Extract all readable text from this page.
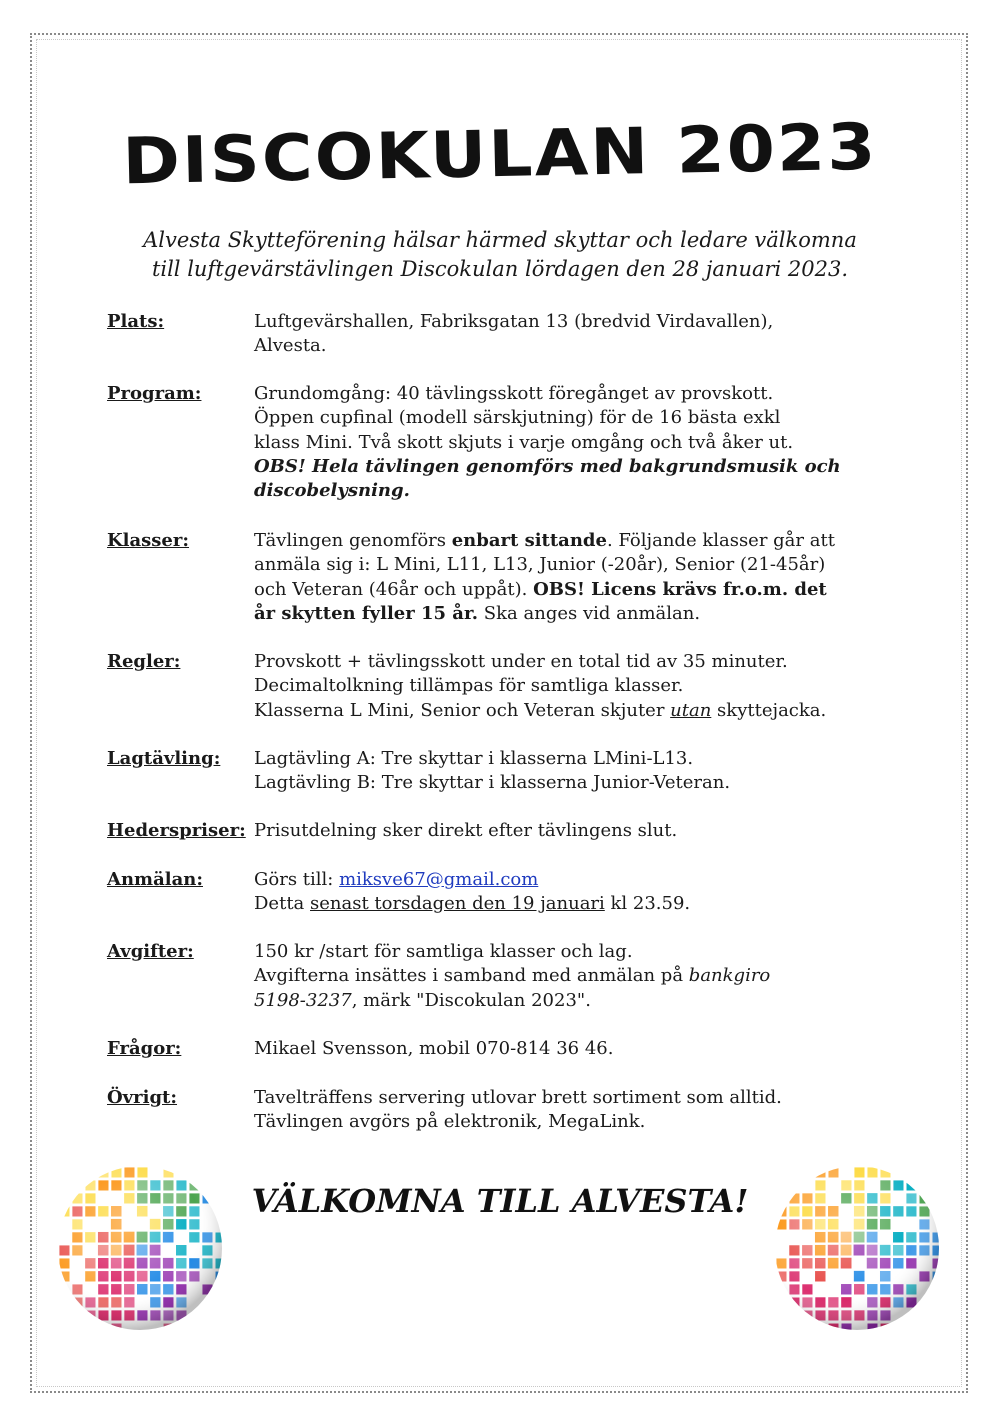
DISCOKULAN 2023
Alvesta Skytteförening hälsar härmed skyttar och ledare välkomna
till luftgevärstävlingen Discokulan lördagen den 28 januari 2023.
Plats:	Luftgevärshallen, Fabriksgatan 13 (bredvid Virdavallen),
Alvesta.
Program:	Grundomgång: 40 tävlingsskott föregånget av provskott.
Öppen cupfinal (modell särskjutning) för de 16 bästa exkl
klass Mini. Två skott skjuts i varje omgång och två åker ut.
OBS! Hela tävlingen genomförs med bakgrundsmusik och
discobelysning.
Klasser:	Tävlingen genomförs enbart sittande. Följande klasser går att
anmäla sig i: L Mini, L11, L13, Junior (-20år), Senior (21-45år)
och Veteran (46år och uppåt). OBS! Licens krävs fr.o.m. det
år skytten fyller 15 år. Ska anges vid anmälan.
Regler:	Provskott + tävlingsskott under en total tid av 35 minuter.
Decimaltolkning tillämpas för samtliga klasser.
Klasserna L Mini, Senior och Veteran skjuter utan skyttejacka.
Lagtävling: Lagtävling A: Tre skyttar i klasserna LMini-L13.
Lagtävling B: Tre skyttar i klasserna Junior-Veteran.
Hederspriser: Prisutdelning sker direkt efter tävlingens slut.
Anmälan:	Görs till: miksve67@gmail.com
Detta senast torsdagen den 19 januari kl 23.59.
Avgifter:	150 kr /start för samtliga klasser och lag.
Avgifterna insättes i samband med anmälan på bankgiro
5198-3237, märk "Discokulan 2023".
Frågor:	Mikael Svensson, mobil 070-814 36 46.
Övrigt:	Tavelträffens servering utlovar brett sortiment som alltid.
Tävlingen avgörs på elektronik, MegaLink.
VÄLKOMNA TILL ALVESTA!
